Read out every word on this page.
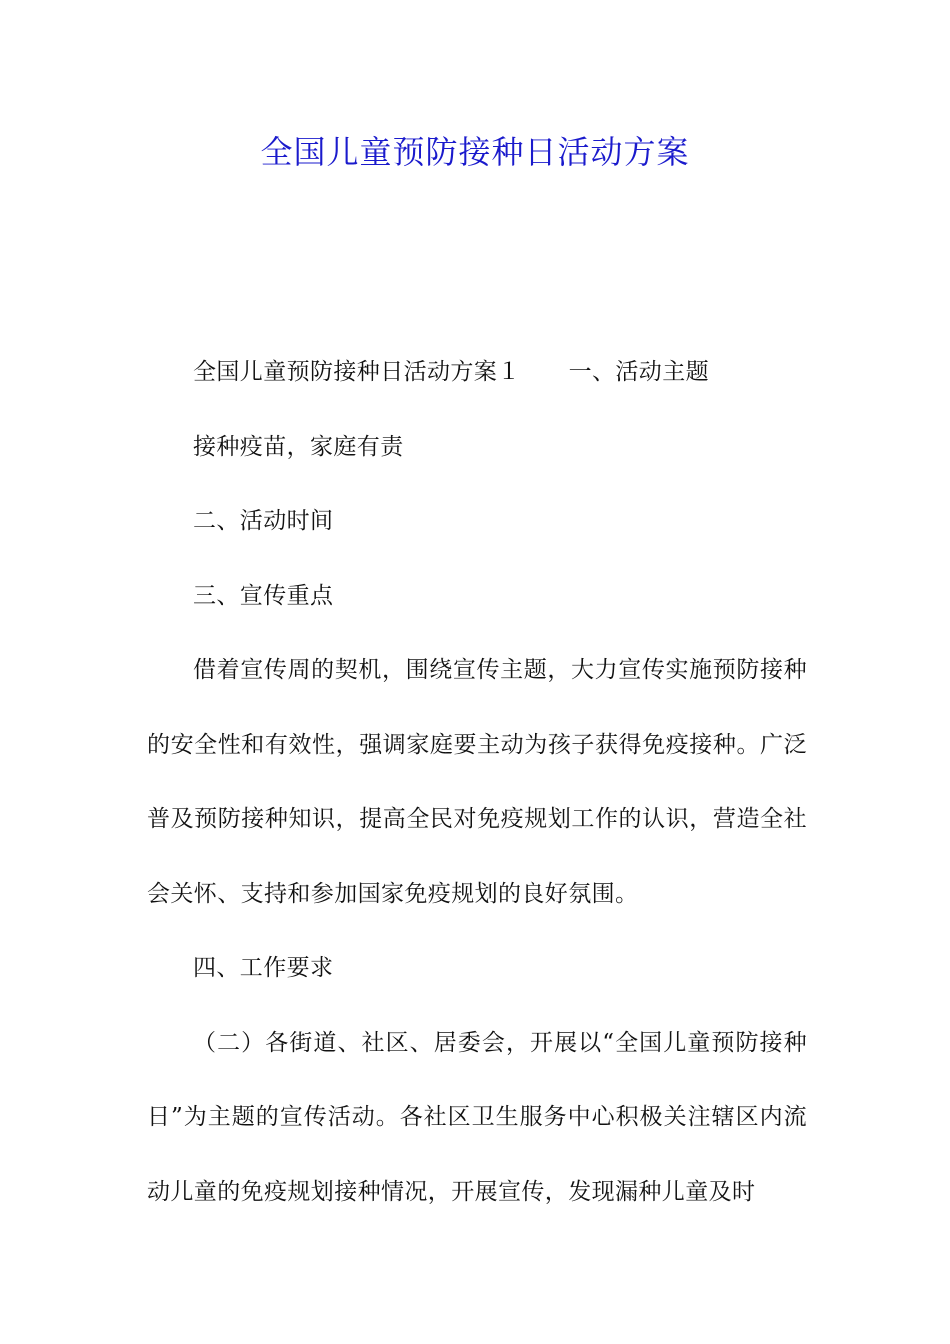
全国儿童预防接种日活动方案

全国儿童预防接种日活动方案１ 一、活动主题

接种疫苗，家庭有责

二、活动时间

三、宣传重点

借着宣传周的契机，围绕宣传主题，大力宣传实施预防接种的安全性和有效性，强调家庭要主动为孩子获得免疫接种。广泛普及预防接种知识，提高全民对免疫规划工作的认识，营造全社会关怀、支持和参加国家免疫规划的良好氛围。

四、工作要求

（二）各街道、社区、居委会，开展以“全国儿童预防接种日”为主题的宣传活动。各社区卫生服务中心积极关注辖区内流动儿童的免疫规划接种情况，开展宣传，发现漏种儿童及时
